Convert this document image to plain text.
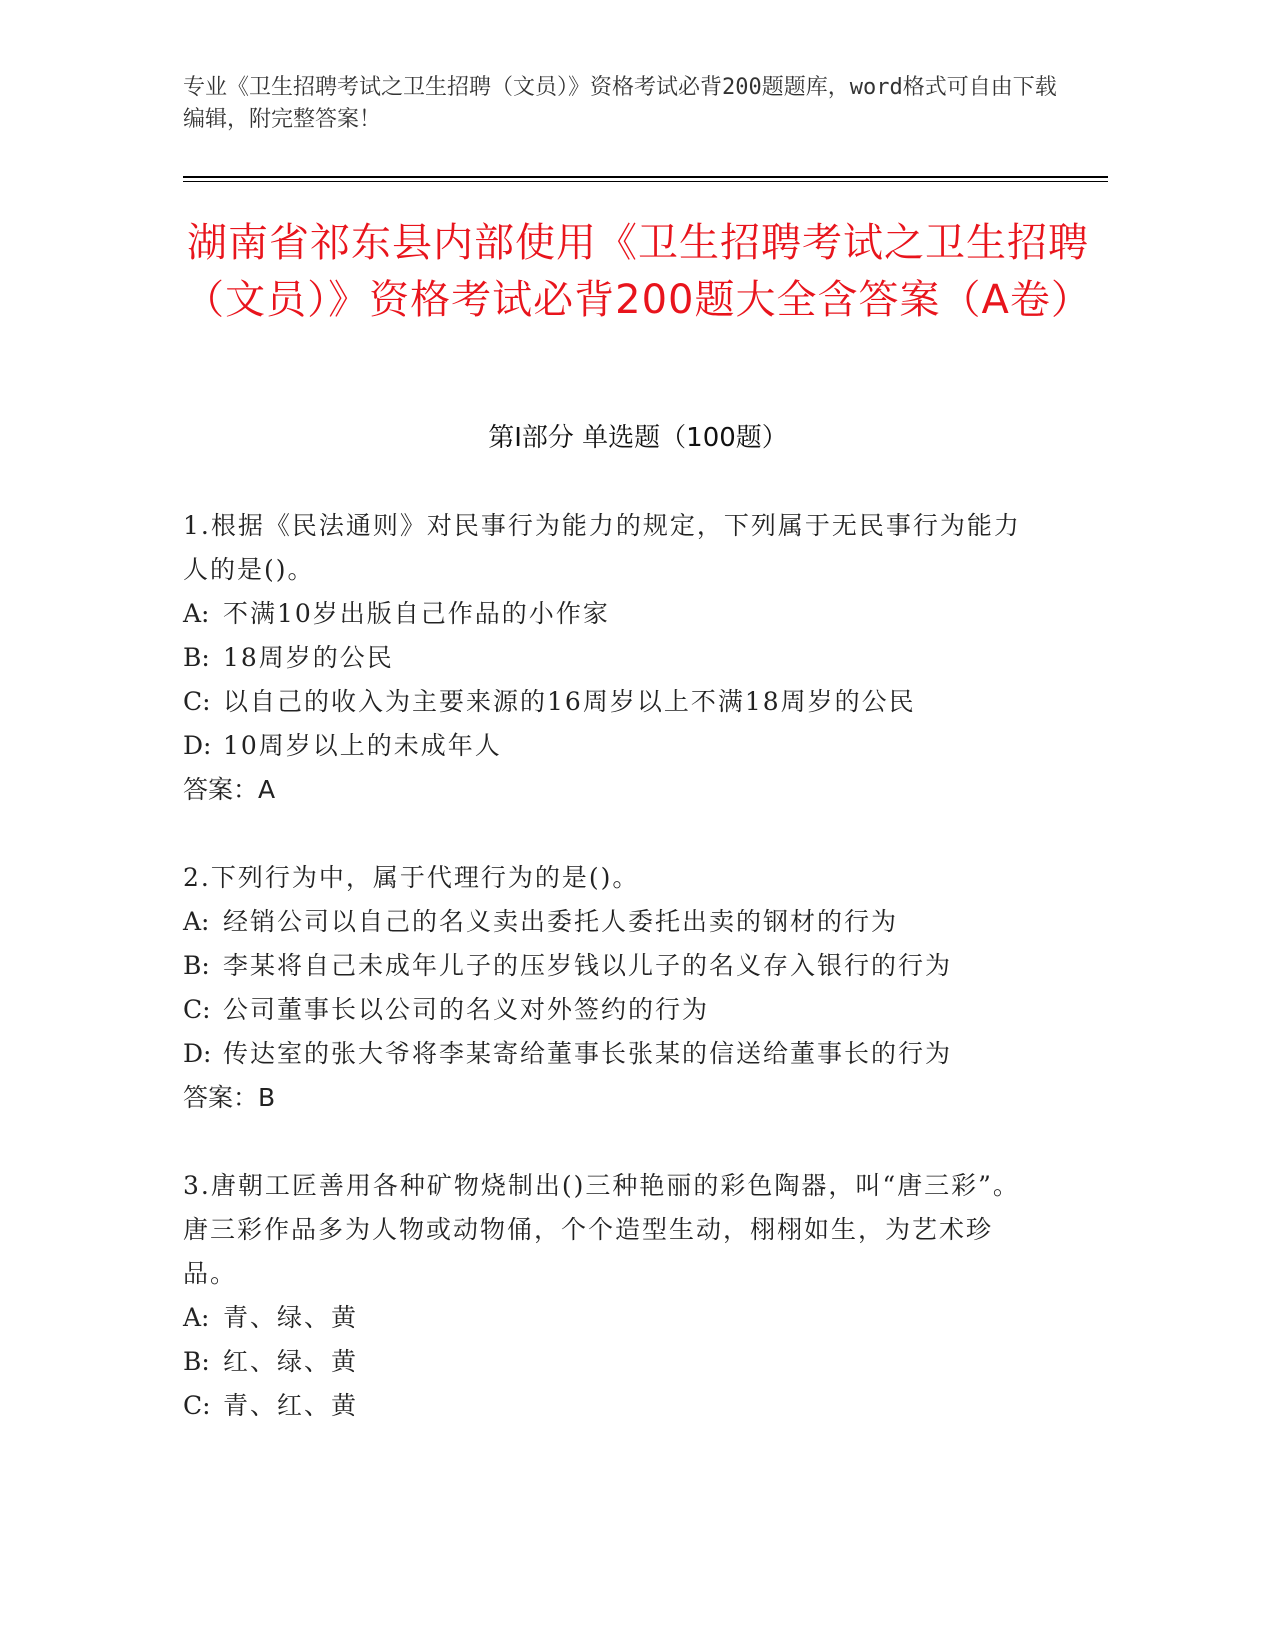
专业《卫生招聘考试之卫生招聘（文员）》资格考试必背200题题库，word格式可自由下载编辑，附完整答案！
湖南省祁东县内部使用《卫生招聘考试之卫生招聘（文员）》资格考试必背200题大全含答案（A卷）
第Ⅰ部分 单选题（100题）

1.根据《民法通则》对民事行为能力的规定，下列属于无民事行为能力人的是()。

A: 不满10岁出版自己作品的小作家

B: 18周岁的公民

C: 以自己的收入为主要来源的16周岁以上不满18周岁的公民

D: 10周岁以上的未成年人

答案：A

2.下列行为中，属于代理行为的是()。

A: 经销公司以自己的名义卖出委托人委托出卖的钢材的行为

B: 李某将自己未成年儿子的压岁钱以儿子的名义存入银行的行为

C: 公司董事长以公司的名义对外签约的行为

D: 传达室的张大爷将李某寄给董事长张某的信送给董事长的行为

答案：B

3.唐朝工匠善用各种矿物烧制出()三种艳丽的彩色陶器，叫“唐三彩”。唐三彩作品多为人物或动物俑，个个造型生动，栩栩如生，为艺术珍品。

A: 青、绿、黄

B: 红、绿、黄

C: 青、红、黄
